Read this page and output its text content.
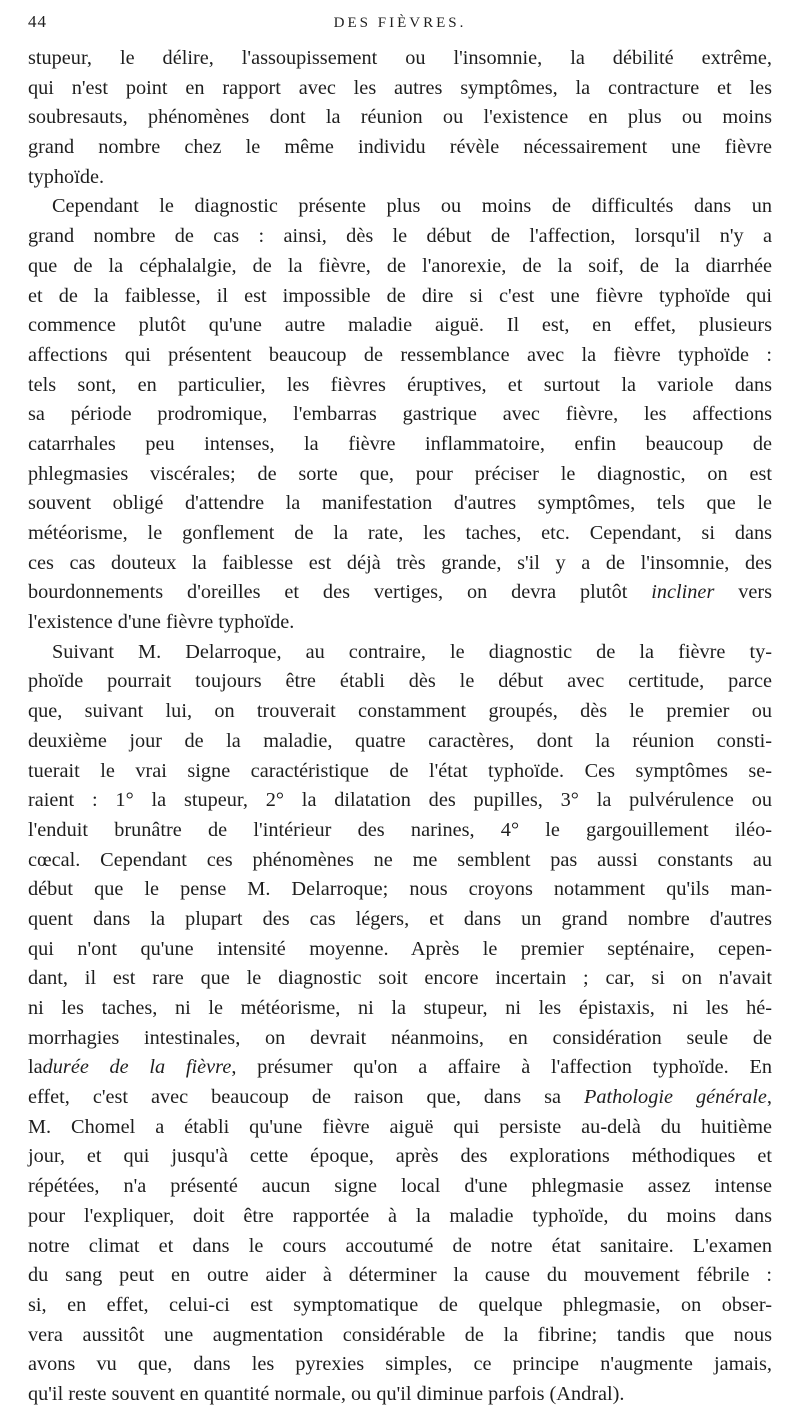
44	DES FIÈVRES.
stupeur, le délire, l'assoupissement ou l'insomnie, la débilité extrême,
qui n'est point en rapport avec les autres symptômes, la contracture et les
soubresauts, phénomènes dont la réunion ou l'existence en plus ou moins
grand nombre chez le même individu révèle nécessairement une fièvre
typhoïde.
Cependant le diagnostic présente plus ou moins de difficultés dans un
grand nombre de cas : ainsi, dès le début de l'affection, lorsqu'il n'y a
que de la céphalalgie, de la fièvre, de l'anorexie, de la soif, de la diarrhée
et de la faiblesse, il est impossible de dire si c'est une fièvre typhoïde qui
commence plutôt qu'une autre maladie aiguë. Il est, en effet, plusieurs
affections qui présentent beaucoup de ressemblance avec la fièvre typhoïde :
tels sont, en particulier, les fièvres éruptives, et surtout la variole dans
sa période prodromique, l'embarras gastrique avec fièvre, les affections
catarrhales peu intenses, la fièvre inflammatoire, enfin beaucoup de
phlegmasies viscérales; de sorte que, pour préciser le diagnostic, on est
souvent obligé d'attendre la manifestation d'autres symptômes, tels que le
météorisme, le gonflement de la rate, les taches, etc. Cependant, si dans
ces cas douteux la faiblesse est déjà très grande, s'il y a de l'insomnie, des
bourdonnements d'oreilles et des vertiges, on devra plutôt incliner vers
l'existence d'une fièvre typhoïde.
Suivant M. Delarroque, au contraire, le diagnostic de la fièvre ty-
phoïde pourrait toujours être établi dès le début avec certitude, parce
que, suivant lui, on trouverait constamment groupés, dès le premier ou
deuxième jour de la maladie, quatre caractères, dont la réunion consti-
tuerait le vrai signe caractéristique de l'état typhoïde. Ces symptômes se-
raient : 1° la stupeur, 2° la dilatation des pupilles, 3° la pulvérulence ou
l'enduit brunâtre de l'intérieur des narines, 4° le gargouillement iléo-
cœcal. Cependant ces phénomènes ne me semblent pas aussi constants au
début que le pense M. Delarroque; nous croyons notamment qu'ils man-
quent dans la plupart des cas légers, et dans un grand nombre d'autres
qui n'ont qu'une intensité moyenne. Après le premier septénaire, cepen-
dant, il est rare que le diagnostic soit encore incertain ; car, si on n'avait
ni les taches, ni le météorisme, ni la stupeur, ni les épistaxis, ni les hé-
morrhagies intestinales, on devrait néanmoins, en considération seule de
ladurée de la fièvre, présumer qu'on a affaire à l'affection typhoïde. En
effet, c'est avec beaucoup de raison que, dans sa Pathologie générale,
M. Chomel a établi qu'une fièvre aiguë qui persiste au-delà du huitième
jour, et qui jusqu'à cette époque, après des explorations méthodiques et
répétées, n'a présenté aucun signe local d'une phlegmasie assez intense
pour l'expliquer, doit être rapportée à la maladie typhoïde, du moins dans
notre climat et dans le cours accoutumé de notre état sanitaire. L'examen
du sang peut en outre aider à déterminer la cause du mouvement fébrile :
si, en effet, celui-ci est symptomatique de quelque phlegmasie, on obser-
vera aussitôt une augmentation considérable de la fibrine; tandis que nous
avons vu que, dans les pyrexies simples, ce principe n'augmente jamais,
qu'il reste souvent en quantité normale, ou qu'il diminue parfois (Andral).
